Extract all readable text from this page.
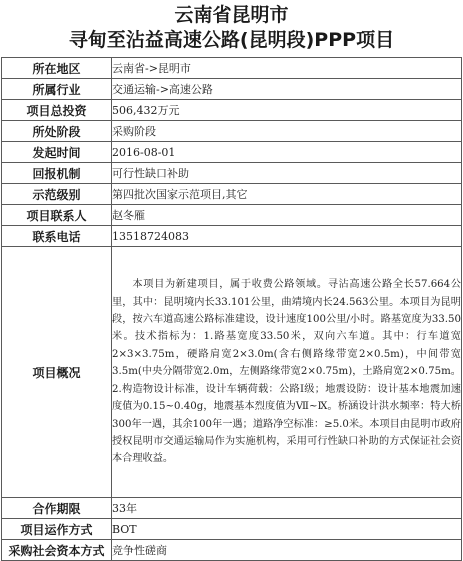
云南省昆明市
寻甸至沾益高速公路(昆明段)PPP项目
所在地区	云南省->昆明市
所属行业	交通运输->高速公路
项目总投资	506,432万元
所处阶段	采购阶段
发起时间	2016-08-01
回报机制	可行性缺口补助
示范级别	第四批次国家示范项目,其它
项目联系人	赵冬雁
联系电话	13518724083
项目概况	本项目为新建项目，属于收费公路领域。寻沾高速公路全长57.664公里，其中：昆明境内长33.101公里，曲靖境内长24.563公里。本项目为昆明段，按六车道高速公路标准建设，设计速度100公里/小时。路基宽度为33.50米。技术指标为：1.路基宽度33.50米，双向六车道。其中：行车道宽2×3×3.75m，硬路肩宽2×3.0m(含右侧路缘带宽2×0.5m)，中间带宽3.5m(中央分隔带宽2.0m，左侧路缘带宽2×0.75m)，土路肩宽2×0.75m。2.构造物设计标准，设计车辆荷载：公路Ⅰ级；地震设防：设计基本地震加速度值为0.15~0.40g，地震基本烈度值为Ⅶ~Ⅸ。桥涵设计洪水频率：特大桥300年一遇，其余100年一遇；道路净空标准：≥5.0米。本项目由昆明市政府授权昆明市交通运输局作为实施机构，采用可行性缺口补助的方式保证社会资本合理收益。

合作期限	33年
项目运作方式	BOT
采购社会资本方式	竞争性磋商
